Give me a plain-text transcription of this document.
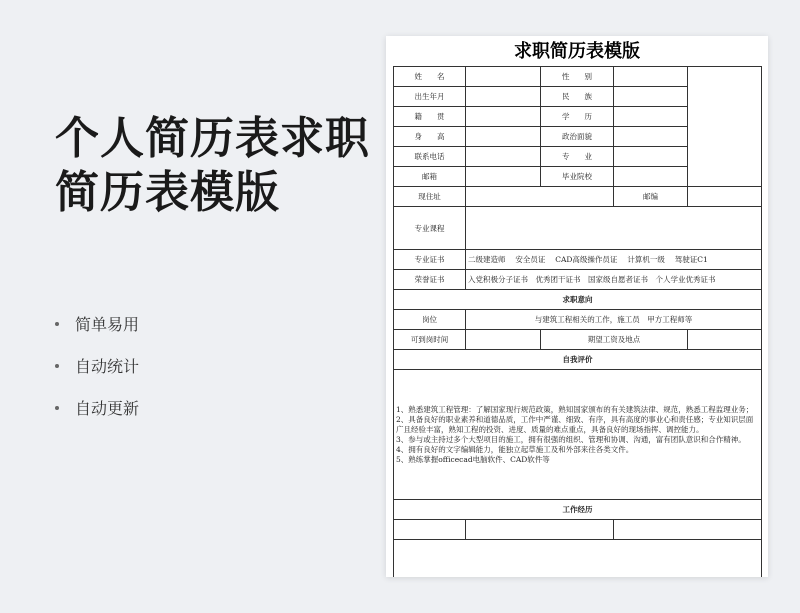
个人简历表求职简历表模版
简单易用
自动统计
自动更新
求职简历表模版
姓　　名		性　　别		
出生年月		民　　族		
籍　　贯		学　　历		
身　　高		政治面貌		
联系电话		专　　业		
邮箱		毕业院校		
现住址			邮编	
专业课程				
专业证书	二级建造师　 安全员证　 CAD高级操作员证　 计算机一级　 驾驶证C1			
荣誉证书	入党积极分子证书　优秀团干证书　国家级自愿者证书　个人学业优秀证书			
求职意向				
岗位	与建筑工程相关的工作，施工员　甲方工程师等			
可到岗时间		期望工资及地点		
自我评价				

1、熟悉建筑工程管理：了解国家现行规范政策，熟知国家颁布的有关建筑法律、规范，熟悉工程监理业务；

2、具备良好的职业素养和道德品质，工作中严谨、细致、有序，具有高度的事业心和责任感；专业知识层面广且经验丰富，熟知工程的投资、进度、质量的难点重点，具备良好的现场指挥、调控能力。

3、参与或主持过多个大型项目的施工，拥有很强的组织、管理和协调、沟通，富有团队意识和合作精神。

4、拥有良好的文字编辑能力，能独立起草施工及和外部来往各类文件。

5、熟练掌握officecad电脑软件、CAD软件等				

工作经历				
